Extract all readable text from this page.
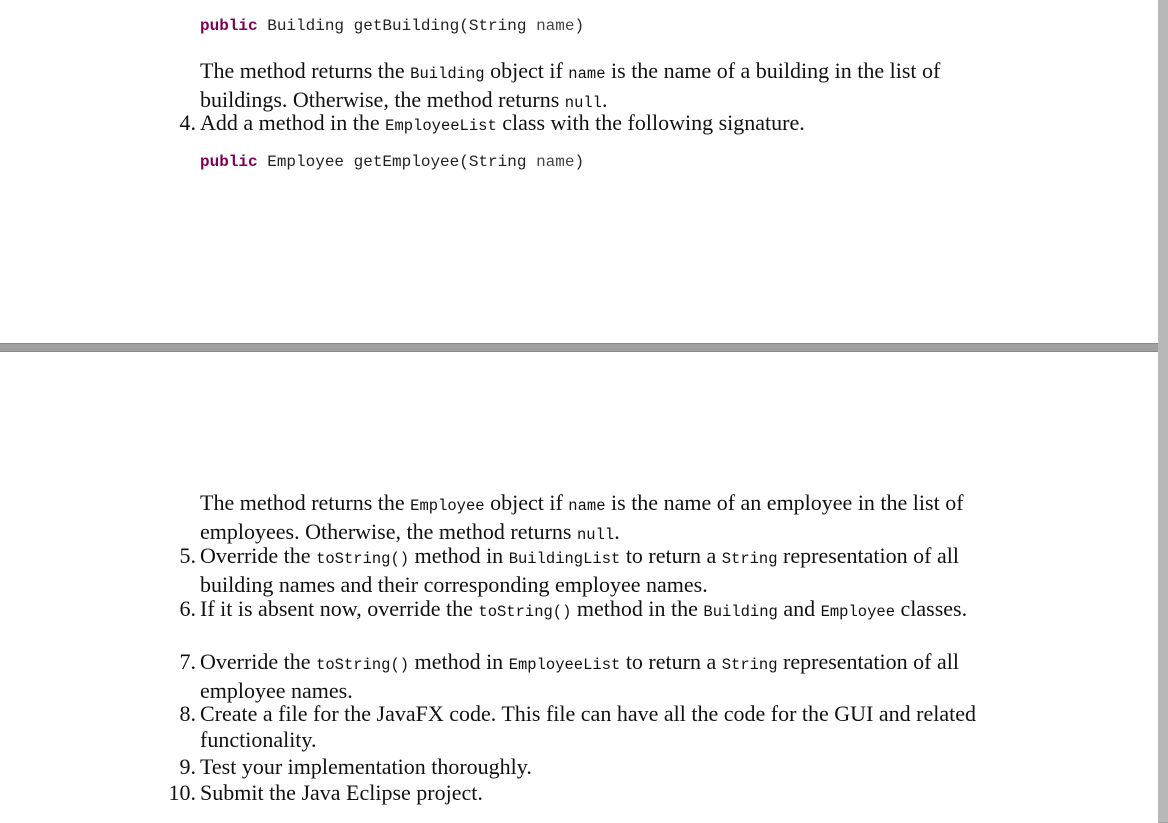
public Building getBuilding(String name)
The method returns the Building object if name is the name of a building in the list of buildings. Otherwise, the method returns null.
4. Add a method in the EmployeeList class with the following signature.
public Employee getEmployee(String name)
The method returns the Employee object if name is the name of an employee in the list of employees. Otherwise, the method returns null.
5. Override the toString() method in BuildingList to return a String representation of all building names and their corresponding employee names.
6. If it is absent now, override the toString() method in the Building and Employee classes.
7. Override the toString() method in EmployeeList to return a String representation of all employee names.
8. Create a file for the JavaFX code. This file can have all the code for the GUI and related functionality.
9. Test your implementation thoroughly.
10. Submit the Java Eclipse project.
